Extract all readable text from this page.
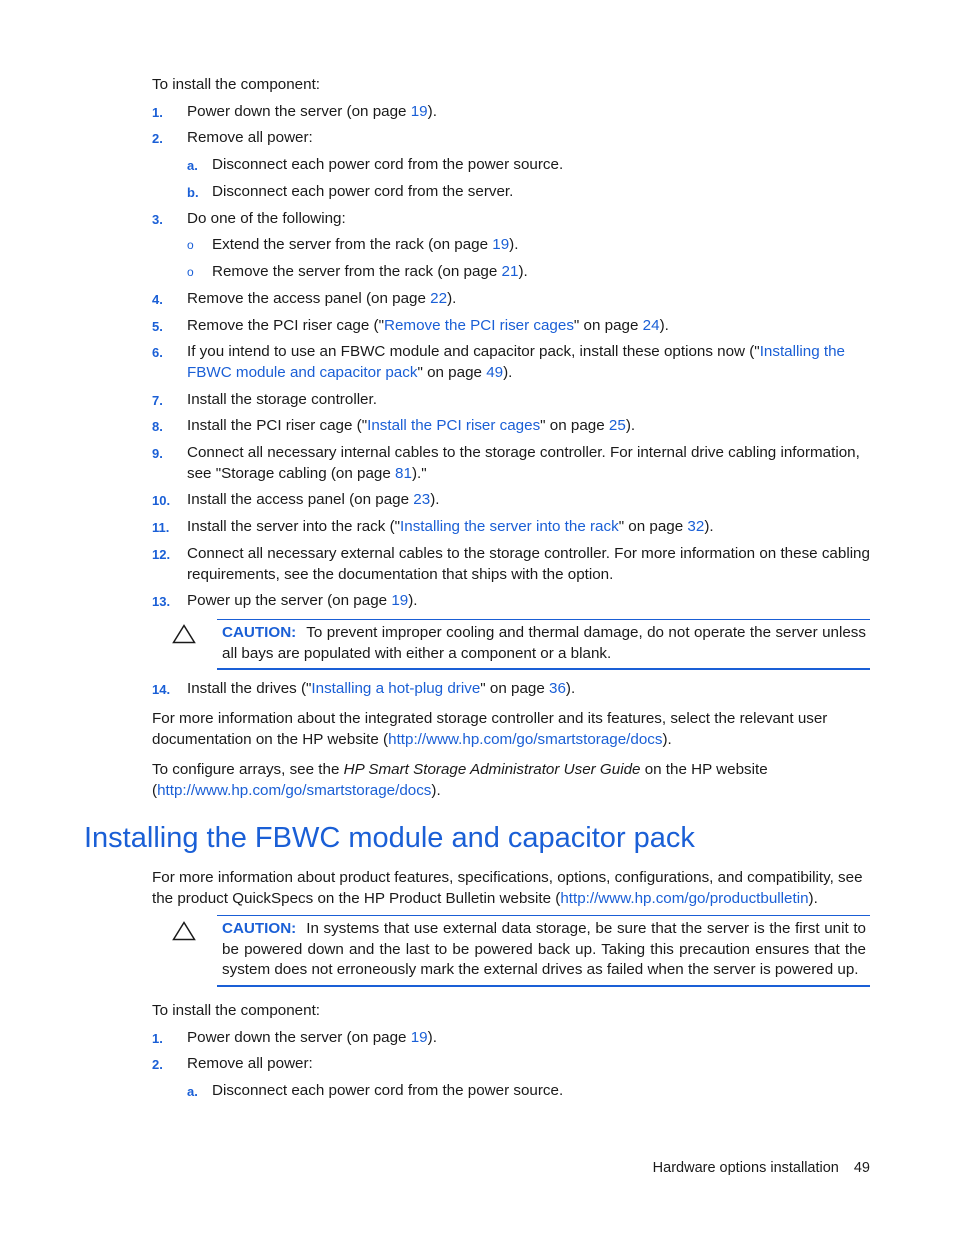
To install the component:
1. Power down the server (on page 19).
2. Remove all power:
a. Disconnect each power cord from the power source.
b. Disconnect each power cord from the server.
3. Do one of the following:
o Extend the server from the rack (on page 19).
o Remove the server from the rack (on page 21).
4. Remove the access panel (on page 22).
5. Remove the PCI riser cage ("Remove the PCI riser cages" on page 24).
6. If you intend to use an FBWC module and capacitor pack, install these options now ("Installing the FBWC module and capacitor pack" on page 49).
7. Install the storage controller.
8. Install the PCI riser cage ("Install the PCI riser cages" on page 25).
9. Connect all necessary internal cables to the storage controller. For internal drive cabling information, see "Storage cabling (on page 81)."
10. Install the access panel (on page 23).
11. Install the server into the rack ("Installing the server into the rack" on page 32).
12. Connect all necessary external cables to the storage controller. For more information on these cabling requirements, see the documentation that ships with the option.
13. Power up the server (on page 19).
CAUTION: To prevent improper cooling and thermal damage, do not operate the server unless all bays are populated with either a component or a blank.
14. Install the drives ("Installing a hot-plug drive" on page 36).
For more information about the integrated storage controller and its features, select the relevant user documentation on the HP website (http://www.hp.com/go/smartstorage/docs).
To configure arrays, see the HP Smart Storage Administrator User Guide on the HP website (http://www.hp.com/go/smartstorage/docs).
Installing the FBWC module and capacitor pack
For more information about product features, specifications, options, configurations, and compatibility, see the product QuickSpecs on the HP Product Bulletin website (http://www.hp.com/go/productbulletin).
CAUTION: In systems that use external data storage, be sure that the server is the first unit to be powered down and the last to be powered back up. Taking this precaution ensures that the system does not erroneously mark the external drives as failed when the server is powered up.
To install the component:
1. Power down the server (on page 19).
2. Remove all power:
a. Disconnect each power cord from the power source.
Hardware options installation 49
